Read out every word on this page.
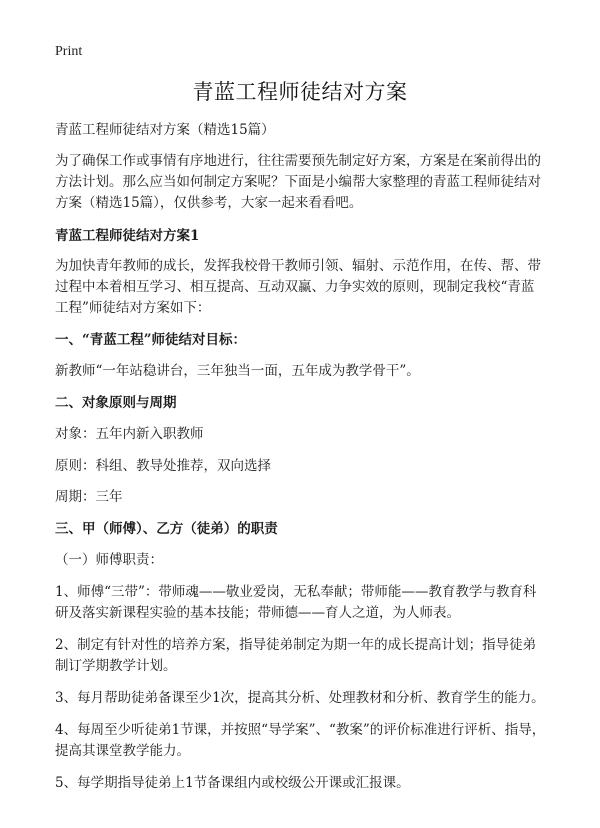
Print
青蓝工程师徒结对方案
青蓝工程师徒结对方案（精选15篇）
为了确保工作或事情有序地进行，往往需要预先制定好方案，方案是在案前得出的
方法计划。那么应当如何制定方案呢？下面是小编帮大家整理的青蓝工程师徒结对
方案（精选15篇），仅供参考，大家一起来看看吧。
青蓝工程师徒结对方案1
为加快青年教师的成长，发挥我校骨干教师引领、辐射、示范作用，在传、帮、带
过程中本着相互学习、相互提高、互动双赢、力争实效的原则，现制定我校“青蓝
工程”师徒结对方案如下：
一、“青蓝工程”师徒结对目标：
新教师“一年站稳讲台，三年独当一面，五年成为教学骨干”。
二、对象原则与周期
对象：五年内新入职教师
原则：科组、教导处推荐，双向选择
周期：三年
三、甲（师傅）、乙方（徒弟）的职责
（一）师傅职责：
1、师傅“三带”：带师魂——敬业爱岗，无私奉献；带师能——教育教学与教育科
研及落实新课程实验的基本技能；带师德——育人之道，为人师表。
2、制定有针对性的培养方案，指导徒弟制定为期一年的成长提高计划；指导徒弟
制订学期教学计划。
3、每月帮助徒弟备课至少1次，提高其分析、处理教材和分析、教育学生的能力。
4、每周至少听徒弟1节课，并按照“导学案”、“教案”的评价标准进行评析、指导，
提高其课堂教学能力。
5、每学期指导徒弟上1节备课组内或校级公开课或汇报课。
